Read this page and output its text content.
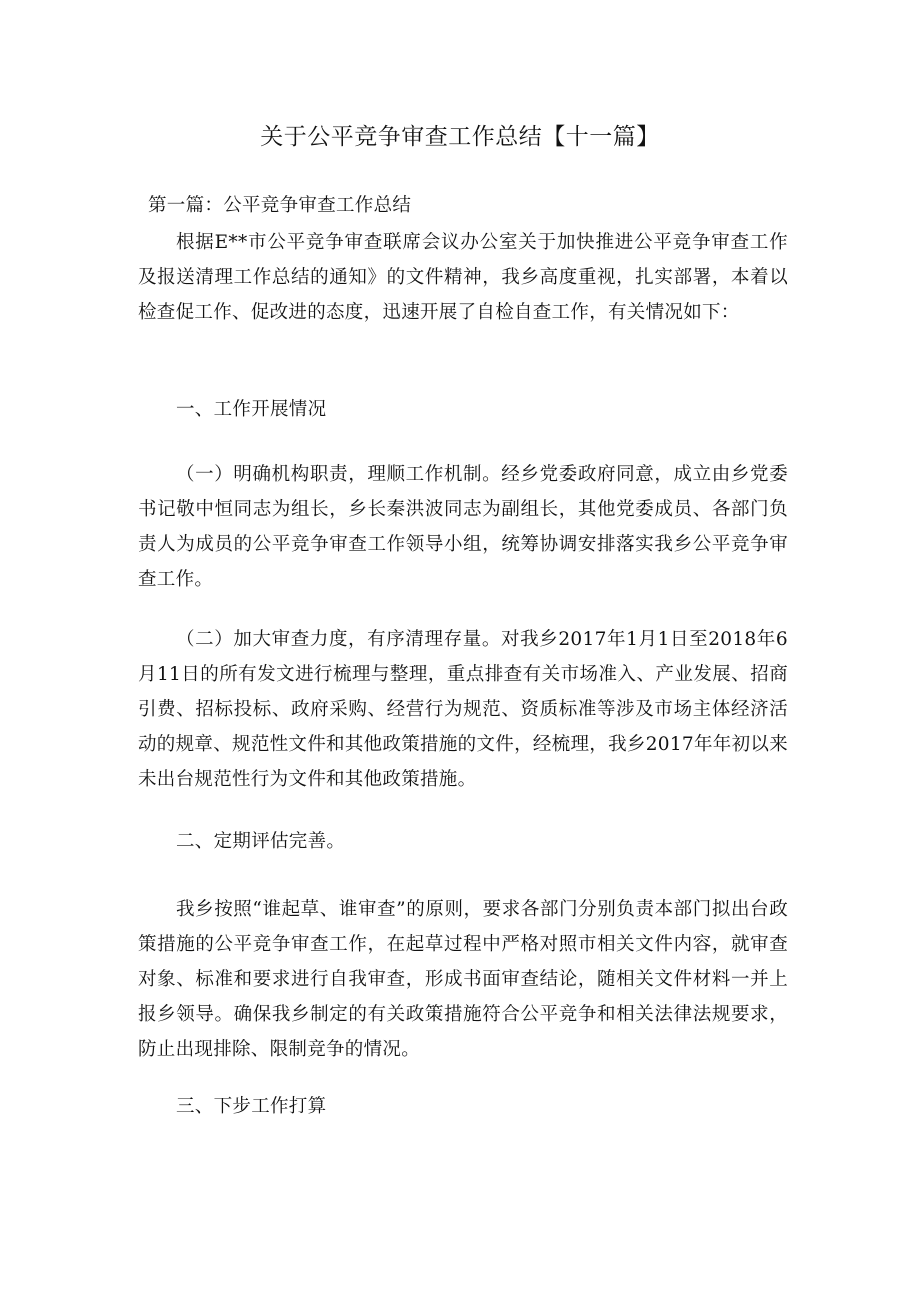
关于公平竞争审查工作总结【十一篇】

第一篇：公平竞争审查工作总结

根据E**市公平竞争审查联席会议办公室关于加快推进公平竞争审查工作及报送清理工作总结的通知》的文件精神，我乡高度重视，扎实部署，本着以检查促工作、促改进的态度，迅速开展了自检自查工作，有关情况如下：

一、工作开展情况

（一）明确机构职责，理顺工作机制。经乡党委政府同意，成立由乡党委书记敬中恒同志为组长，乡长秦洪波同志为副组长，其他党委成员、各部门负责人为成员的公平竞争审查工作领导小组，统筹协调安排落实我乡公平竞争审查工作。

（二）加大审查力度，有序清理存量。对我乡2017年1月1日至2018年6月11日的所有发文进行梳理与整理，重点排查有关市场准入、产业发展、招商引费、招标投标、政府采购、经营行为规范、资质标准等涉及市场主体经济活动的规章、规范性文件和其他政策措施的文件，经梳理，我乡2017年年初以来未出台规范性行为文件和其他政策措施。

二、定期评估完善。

我乡按照“谁起草、谁审查”的原则，要求各部门分别负责本部门拟出台政策措施的公平竞争审查工作，在起草过程中严格对照市相关文件内容，就审查对象、标准和要求进行自我审查，形成书面审查结论，随相关文件材料一并上报乡领导。确保我乡制定的有关政策措施符合公平竞争和相关法律法规要求，防止出现排除、限制竞争的情况。

三、下步工作打算
